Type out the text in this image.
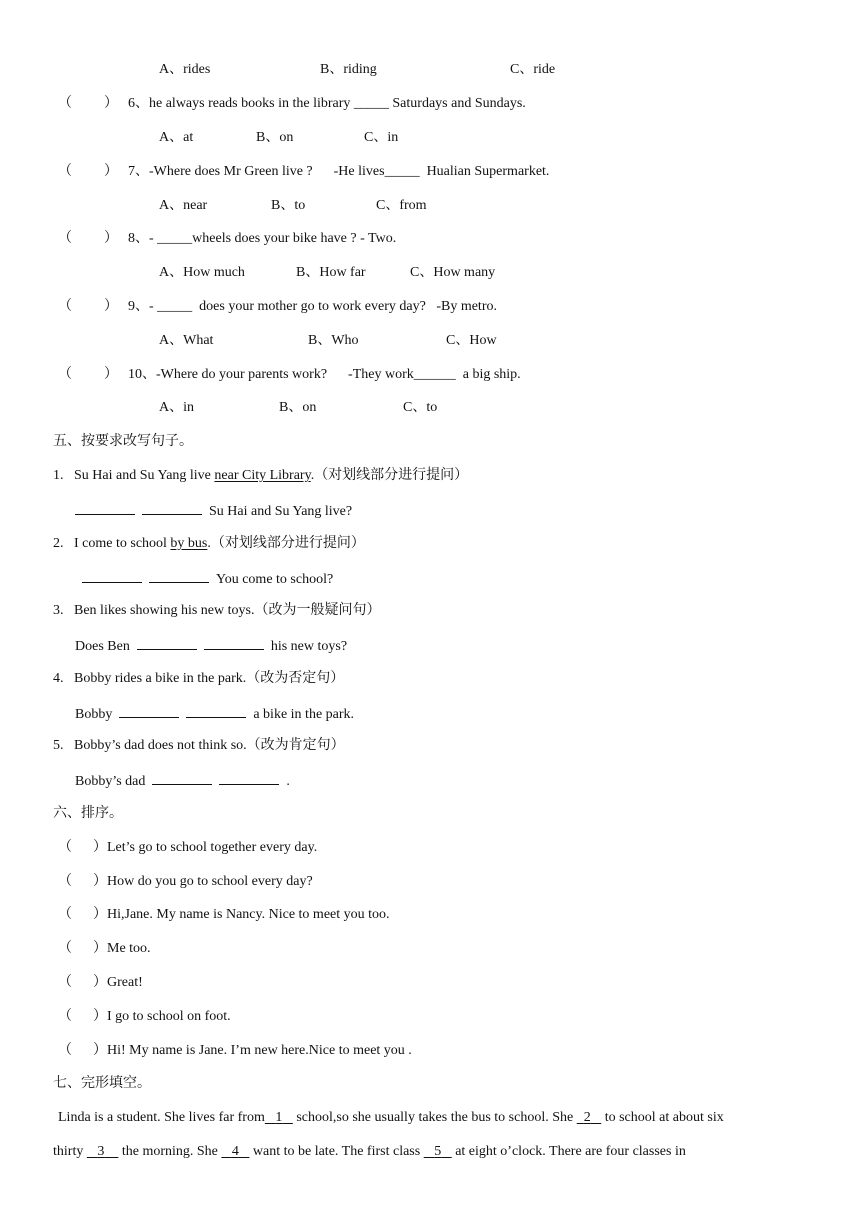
A、rides	B、riding	C、ride
（ ） 6、he always reads books in the library _____ Saturdays and Sundays.
A、at	B、on	C、in
（ ） 7、-Where does Mr Green live ?      -He lives_____  Hualian Supermarket.
A、near	B、to	C、from
（ ） 8、- _____wheels does your bike have ? - Two.
A、How much	B、How far	C、How many
（ ） 9、- _____  does your mother go to work every day?   -By metro.
A、What	B、Who	C、How
（ ） 10、-Where do your parents work?      -They work______  a big ship.
A、in	B、on	C、to
五、按要求改写句子。
1. Su Hai and Su Yang live near City Library.（对划线部分进行提问）
Su Hai and Su Yang live?
2. I come to school by bus.（对划线部分进行提问）
You come to school?
3. Ben likes showing his new toys.（改为一般疑问句）
Does Ben	his new toys?
4. Bobby rides a bike in the park.（改为否定句）
Bobby	a bike in the park.
5. Bobby’s dad does not think so.（改为肯定句）
Bobby’s dad	.
六、排序。
（      ）Let’s go to school together every day.
（      ）How do you go to school every day?
（      ）Hi,Jane. My name is Nancy. Nice to meet you too.
（      ）Me too.
（      ）Great!
（      ）I go to school on foot.
（      ）Hi! My name is Jane. I’m new here.Nice to meet you .
七、完形填空。
Linda is a student. She lives far from 1    school,so she usually takes the bus to school. She   2    to school at about six
thirty    3     the morning. She    4    want to be late. The first class    5    at eight o’clock. There are four classes in
